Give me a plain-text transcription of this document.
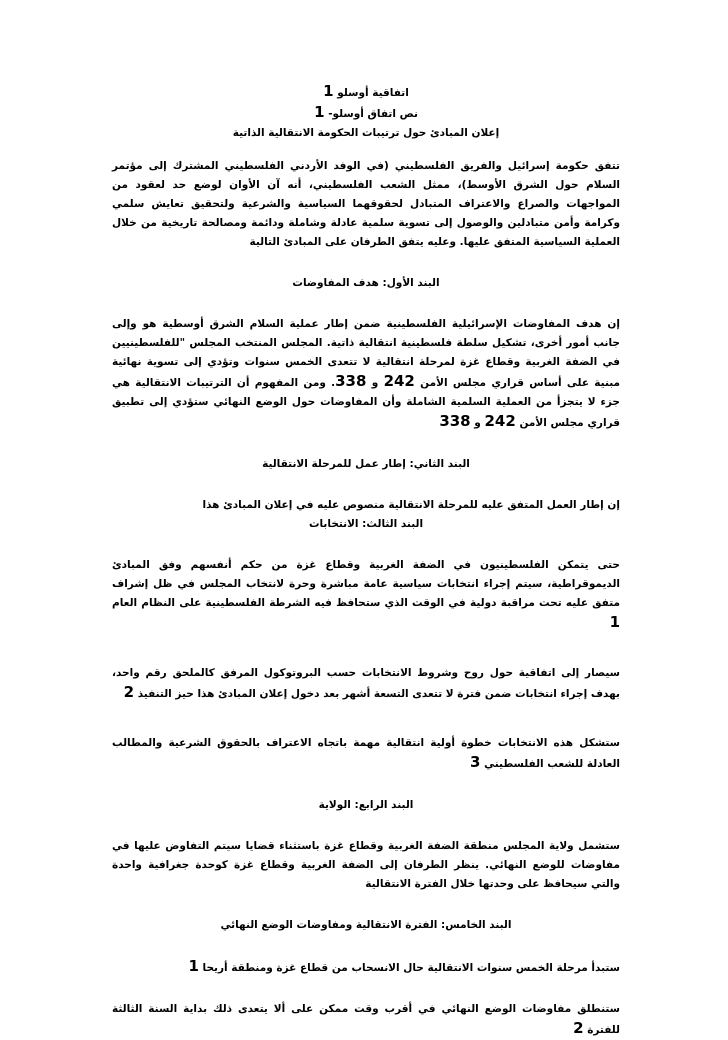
اتفاقية أوسلو 1

نص اتفاق أوسلو- 1

إعلان المبادئ حول ترتيبات الحكومة الانتقالية الذاتية

تتفق حكومة إسرائيل والفريق الفلسطيني (في الوفد الأردني الفلسطيني المشترك إلى مؤتمر السلام حول الشرق الأوسط)، ممثل الشعب الفلسطيني، أنه آن الأوان لوضع حد لعقود من المواجهات والصراع والاعتراف المتبادل لحقوقهما السياسية والشرعية ولتحقيق تعايش سلمي وكرامة وأمن متبادلين والوصول إلى تسوية سلمية عادلة وشاملة ودائمة ومصالحة تاريخية من خلال العملية السياسية المتفق عليها. وعليه يتفق الطرفان على المبادئ التالية

البند الأول: هدف المفاوضات

إن هدف المفاوضات الإسرائيلية الفلسطينية ضمن إطار عملية السلام الشرق أوسطية هو وإلى جانب أمور أخرى، تشكيل سلطة فلسطينية انتقالية ذاتية. المجلس المنتخب المجلس "للفلسطينيين في الضفة الغربية وقطاع غزة لمرحلة انتقالية لا تتعدى الخمس سنوات وتؤدي إلى تسوية نهائية مبنية على أساس قراري مجلس الأمن 242 و 338. ومن المفهوم أن الترتيبات الانتقالية هي جزء لا يتجزأ من العملية السلمية الشاملة وأن المفاوضات حول الوضع النهائي ستؤدي إلى تطبيق قراري مجلس الأمن 242 و 338

البند الثاني: إطار عمل للمرحلة الانتقالية

إن إطار العمل المتفق عليه للمرحلة الانتقالية منصوص عليه في إعلان المبادئ هذا

البند الثالث: الانتخابات

حتى يتمكن الفلسطينيون في الضفة الغربية وقطاع غزة من حكم أنفسهم وفق المبادئ الديموقراطية، سيتم إجراء انتخابات سياسية عامة مباشرة وحرة لانتخاب المجلس في ظل إشراف متفق عليه تحت مراقبة دولية في الوقت الذي ستحافظ فيه الشرطة الفلسطينية على النظام العام 1

سيصار إلى اتفاقية حول روح وشروط الانتخابات حسب البروتوكول المرفق كالملحق رقم واحد، بهدف إجراء انتخابات ضمن فترة لا تتعدى التسعة أشهر بعد دخول إعلان المبادئ هذا حيز التنفيذ 2

ستشكل هذه الانتخابات خطوة أولية انتقالية مهمة باتجاه الاعتراف بالحقوق الشرعية والمطالب العادلة للشعب الفلسطيني 3

البند الرابع: الولاية

ستشمل ولاية المجلس منطقة الضفة الغربية وقطاع غزة باستثناء قضايا سيتم التفاوض عليها في مفاوضات للوضع النهائي. ينظر الطرفان إلى الضفة الغربية وقطاع غزة كوحدة جغرافية واحدة والتي سيحافظ على وحدتها خلال الفترة الانتقالية

البند الخامس: الفترة الانتقالية ومفاوضات الوضع النهائي

ستبدأ مرحلة الخمس سنوات الانتقالية حال الانسحاب من قطاع غزة ومنطقة أريحا 1

ستنطلق مفاوضات الوضع النهائي في أقرب وقت ممكن على ألا يتعدى ذلك بداية السنة الثالثة للفترة 2
